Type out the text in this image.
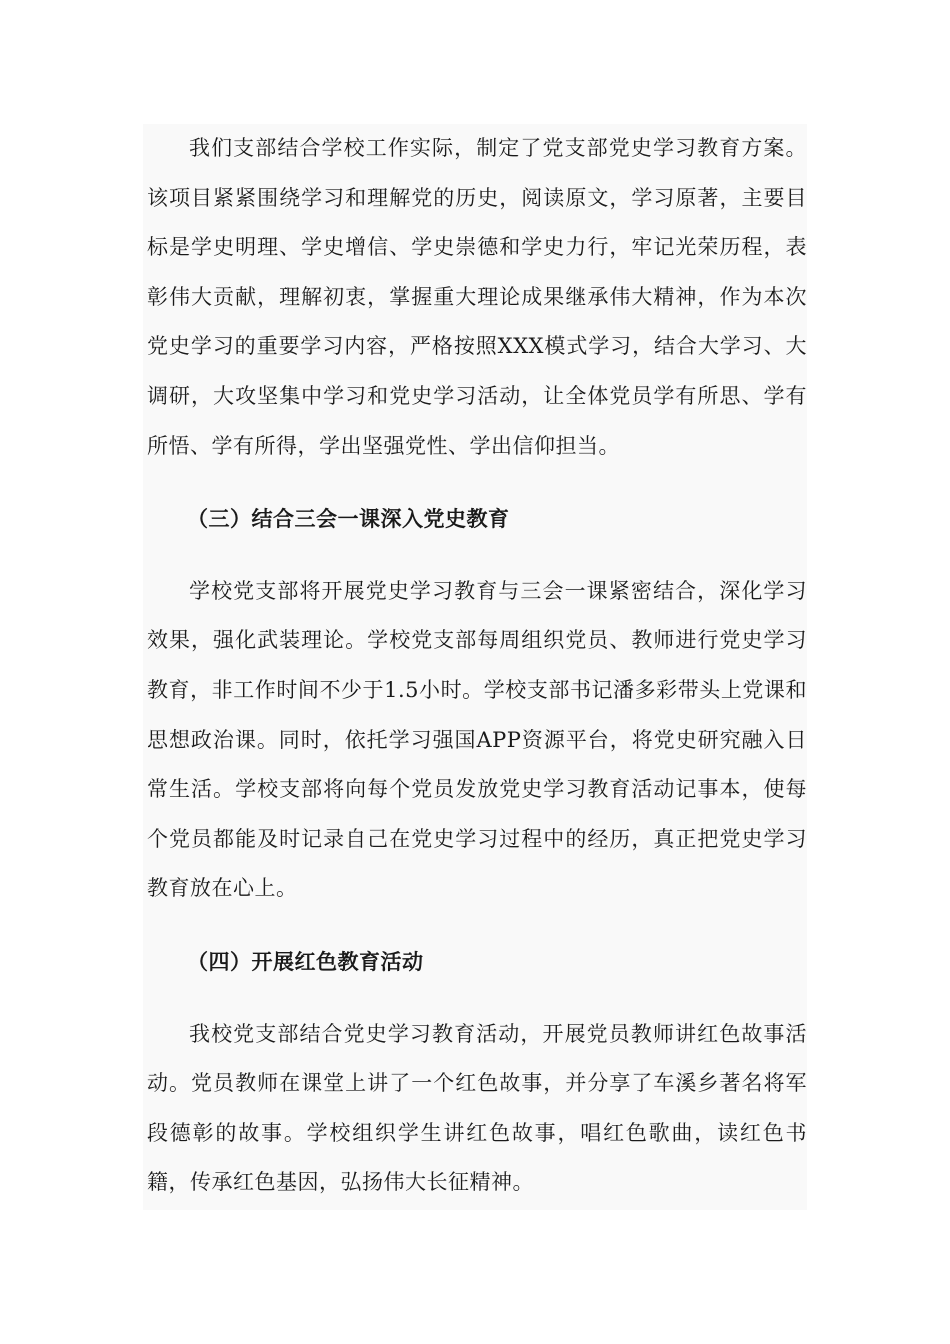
我们支部结合学校工作实际，制定了党支部党史学习教育方案。该项目紧紧围绕学习和理解党的历史，阅读原文，学习原著，主要目标是学史明理、学史增信、学史崇德和学史力行，牢记光荣历程，表彰伟大贡献，理解初衷，掌握重大理论成果继承伟大精神，作为本次党史学习的重要学习内容，严格按照XXX模式学习，结合大学习、大调研，大攻坚集中学习和党史学习活动，让全体党员学有所思、学有所悟、学有所得，学出坚强党性、学出信仰担当。

（三）结合三会一课深入党史教育

学校党支部将开展党史学习教育与三会一课紧密结合，深化学习效果，强化武装理论。学校党支部每周组织党员、教师进行党史学习教育，非工作时间不少于1.5小时。学校支部书记潘多彩带头上党课和思想政治课。同时，依托学习强国APP资源平台，将党史研究融入日常生活。学校支部将向每个党员发放党史学习教育活动记事本，使每个党员都能及时记录自己在党史学习过程中的经历，真正把党史学习教育放在心上。

（四）开展红色教育活动

我校党支部结合党史学习教育活动，开展党员教师讲红色故事活动。党员教师在课堂上讲了一个红色故事，并分享了车溪乡著名将军段德彰的故事。学校组织学生讲红色故事，唱红色歌曲，读红色书籍，传承红色基因，弘扬伟大长征精神。
